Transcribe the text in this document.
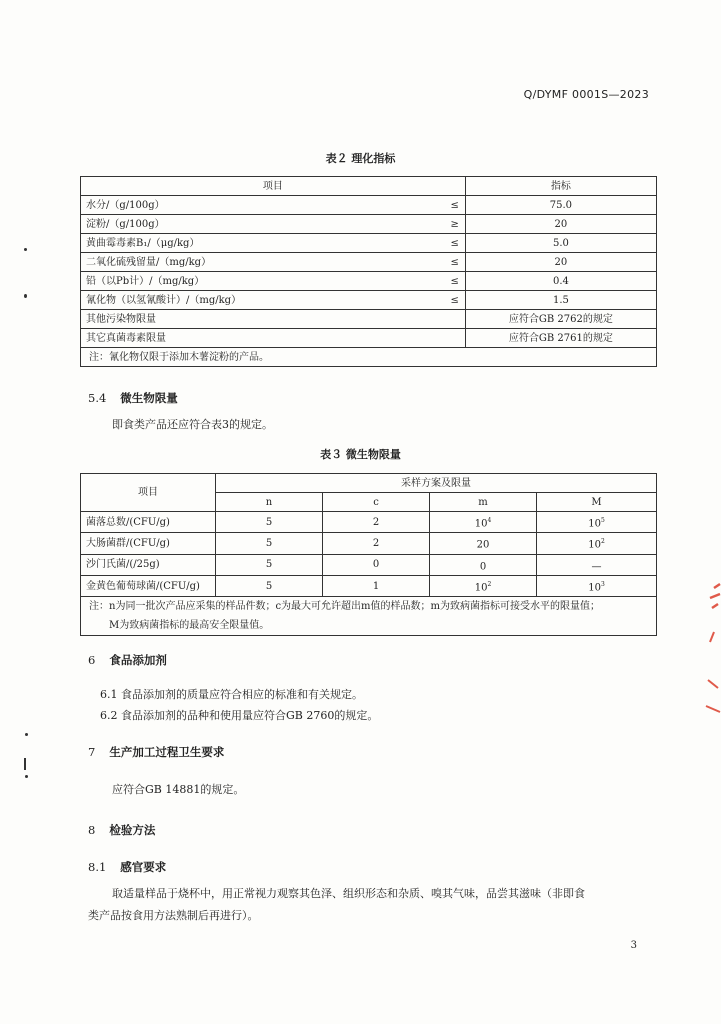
Q/DYMF 0001S—2023
表２ 理化指标
项目		指标
水分/（g/100g）	≤	75.0
淀粉/（g/100g）	≥	20
黄曲霉毒素B₁/（μg/kg）	≤	5.0
二氧化硫残留量/（mg/kg）	≤	20
铅（以Pb计）/（mg/kg）	≤	0.4
氰化物（以氢氰酸计）/（mg/kg）	≤	1.5
其他污染物限量		应符合GB 2762的规定
其它真菌毒素限量		应符合GB 2761的规定
注：氰化物仅限于添加木薯淀粉的产品。		
5.4 微生物限量
即食类产品还应符合表3的规定。
表３ 微生物限量
项目	采样方案及限量			
	n	c	m	M
菌落总数/(CFU/g)	5	2	$10^4$	$10^5$
大肠菌群/(CFU/g)	5	2	20	$10^2$
沙门氏菌/(/25g)	5	0	0	—
金黄色葡萄球菌/(CFU/g)	5	1	$10^2$	$10^3$

注：n为同一批次产品应采集的样品件数；c为最大可允许超出m值的样品数；m为致病菌指标可接受水平的限量值；
M为致病菌指标的最高安全限量值。				
6 食品添加剂
6.1 食品添加剂的质量应符合相应的标准和有关规定。
6.2 食品添加剂的品种和使用量应符合GB 2760的规定。
7 生产加工过程卫生要求
应符合GB 14881的规定。
8 检验方法
8.1 感官要求
取适量样品于烧杯中，用正常视力观察其色泽、组织形态和杂质、嗅其气味，品尝其滋味（非即食
类产品按食用方法熟制后再进行）。
3
